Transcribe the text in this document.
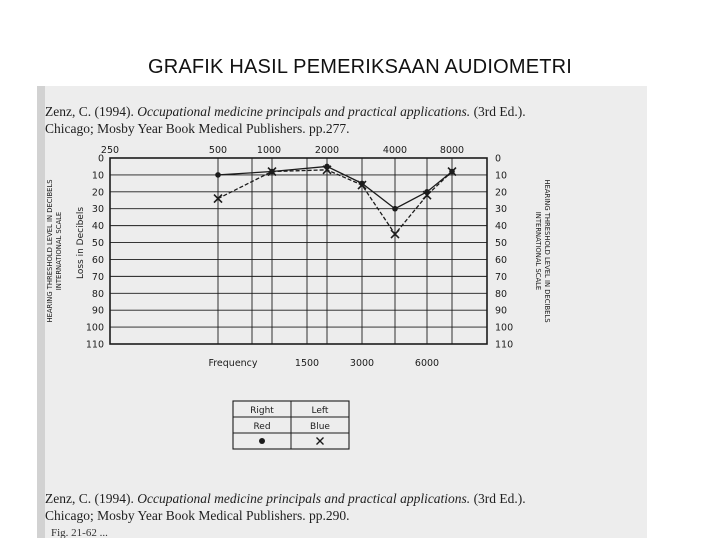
GRAFIK HASIL PEMERIKSAAN AUDIOMETRI
Zenz, C. (1994). Occupational medicine principals and practical applications. (3rd Ed.).
Chicago; Mosby Year Book Medical Publishers. pp.277.
250	500	1000	2000	4000	8000
Frequency	1500	3000	6000
0	0
10	10
20	20
30	30
40	40
50	50
60	60
70	70
80	80
90	90
100	100
110	110
HEARING THRESHOLD LEVEL IN DECIBELS INTERNATIONAL SCALE Loss in Decibels	HEARING THRESHOLD LEVEL IN DECIBELS
INTERNATIONAL SCALE
Right	Left
Red	Blue
Zenz, C. (1994). Occupational medicine principals and practical applications. (3rd Ed.).
Chicago; Mosby Year Book Medical Publishers. pp.290.
Fig. 21-62 ...
